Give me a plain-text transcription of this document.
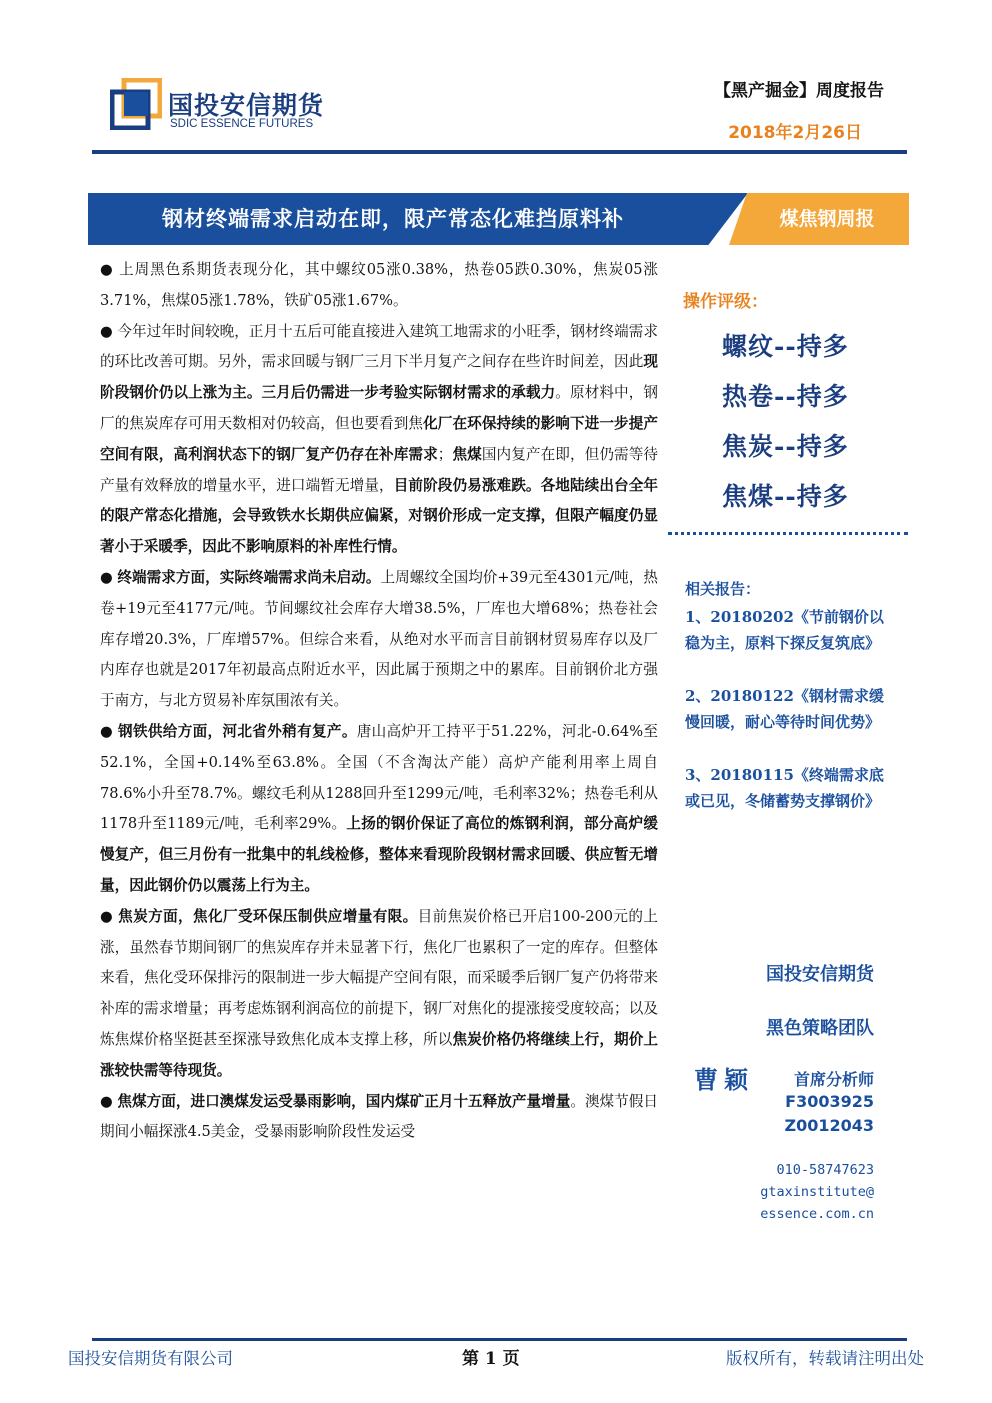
国投安信期货
SDIC ESSENCE FUTURES
【黑产掘金】周度报告
2018年2月26日
钢材终端需求启动在即，限产常态化难挡原料补	煤焦钢周报

● 上周黑色系期货表现分化，其中螺纹05涨0.38%，热卷05跌0.30%，焦炭05涨3.71%，焦煤05涨1.78%，铁矿05涨1.67%。

● 今年过年时间较晚，正月十五后可能直接进入建筑工地需求的小旺季，钢材终端需求的环比改善可期。另外，需求回暖与钢厂三月下半月复产之间存在些许时间差，因此现阶段钢价仍以上涨为主。三月后仍需进一步考验实际钢材需求的承载力。原材料中，钢厂的焦炭库存可用天数相对仍较高，但也要看到焦化厂在环保持续的影响下进一步提产空间有限，高利润状态下的钢厂复产仍存在补库需求；焦煤国内复产在即，但仍需等待产量有效释放的增量水平，进口端暂无增量，目前阶段仍易涨难跌。各地陆续出台全年的限产常态化措施，会导致铁水长期供应偏紧，对钢价形成一定支撑，但限产幅度仍显著小于采暖季，因此不影响原料的补库性行情。

● 终端需求方面，实际终端需求尚未启动。上周螺纹全国均价+39元至4301元/吨，热卷+19元至4177元/吨。节间螺纹社会库存大增38.5%，厂库也大增68%；热卷社会库存增20.3%，厂库增57%。但综合来看，从绝对水平而言目前钢材贸易库存以及厂内库存也就是2017年初最高点附近水平，因此属于预期之中的累库。目前钢价北方强于南方，与北方贸易补库氛围浓有关。

● 钢铁供给方面，河北省外稍有复产。唐山高炉开工持平于51.22%，河北-0.64%至52.1%，全国+0.14%至63.8%。全国（不含淘汰产能）高炉产能利用率上周自78.6%小升至78.7%。螺纹毛利从1288回升至1299元/吨，毛利率32%；热卷毛利从1178升至1189元/吨，毛利率29%。上扬的钢价保证了高位的炼钢利润，部分高炉缓慢复产，但三月份有一批集中的轧线检修，整体来看现阶段钢材需求回暖、供应暂无增量，因此钢价仍以震荡上行为主。

● 焦炭方面，焦化厂受环保压制供应增量有限。目前焦炭价格已开启100-200元的上涨，虽然春节期间钢厂的焦炭库存并未显著下行，焦化厂也累积了一定的库存。但整体来看，焦化受环保排污的限制进一步大幅提产空间有限，而采暖季后钢厂复产仍将带来补库的需求增量；再考虑炼钢利润高位的前提下，钢厂对焦化的提涨接受度较高；以及炼焦煤价格坚挺甚至探涨导致焦化成本支撑上移，所以焦炭价格仍将继续上行，期价上涨较快需等待现货。

● 焦煤方面，进口澳煤发运受暴雨影响，国内煤矿正月十五释放产量增量。澳煤节假日期间小幅探涨4.5美金，受暴雨影响阶段性发运受

操作评级：
螺纹--持多
热卷--持多
焦炭--持多
焦煤--持多
相关报告：
1、20180202《节前钢价以稳为主，原料下探反复筑底》
2、20180122《钢材需求缓慢回暖，耐心等待时间优势》
3、20180115《终端需求底或已见，冬储蓄势支撑钢价》
国投安信期货
黑色策略团队
曹颖 首席分析师
F3003925
Z0012043
010-58747623
gtaxinstitute@
essence.com.cn
国投安信期货有限公司	第 1 页	版权所有，转载请注明出处
